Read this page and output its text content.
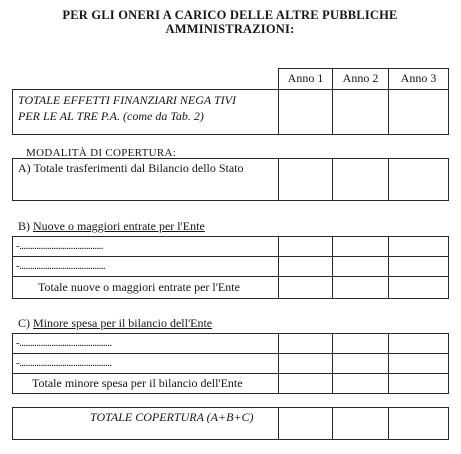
PER GLI ONERI A CARICO DELLE ALTRE PUBBLICHE
AMMINISTRAZIONI:
Anno 1	Anno 2	Anno 3
TOTALE EFFETTI FINANZIARI NEGA TIVI
PER LE AL TRE P.A. (come da Tab. 2)
MODALITÀ DI COPERTURA:
A) Totale trasferimenti dal Bilancio dello Stato
B) Nuove o maggiori entrate per l'Ente
-.......................................
-........................................
Totale nuove o maggiori entrate per l'Ente
C) Minore spesa per il bilancio dell'Ente
-...........................................
-...........................................
Totale minore spesa per il bilancio dell'Ente
TOTALE COPERTURA (A+B+C)
